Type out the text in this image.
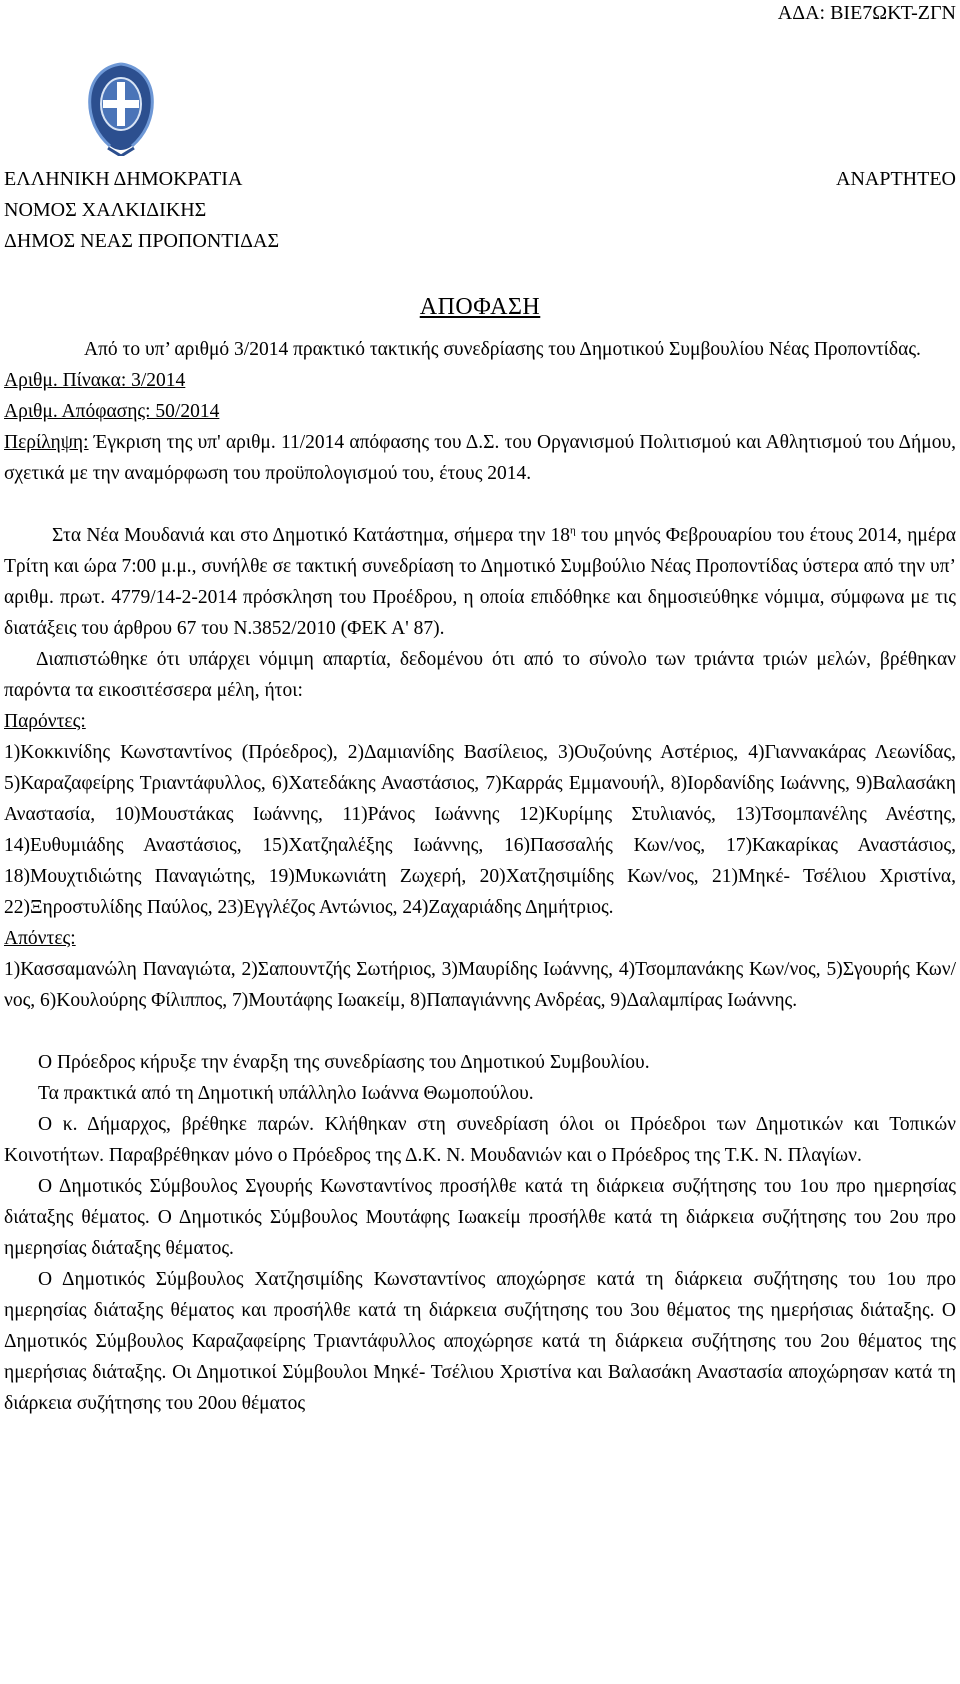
ΑΔΑ: ΒΙΕ7ΩΚΤ-ΖΓΝ
ΕΛΛΗΝΙΚΗ ΔΗΜΟΚΡΑΤΙΑ
ΝΟΜΟΣ ΧΑΛΚΙΔΙΚΗΣ
ΔΗΜΟΣ ΝΕΑΣ ΠΡΟΠΟΝΤΙΔΑΣ
ΑΝΑΡΤΗΤΕΟ
ΑΠΟΦΑΣΗ

Από το υπ’ αριθμό 3/2014 πρακτικό τακτικής συνεδρίασης του Δημοτικού Συμβουλίου Νέας Προποντίδας.

Αριθμ. Πίνακα: 3/2014

Αριθμ. Απόφασης: 50/2014

Περίληψη: Έγκριση της υπ' αριθμ. 11/2014 απόφασης του Δ.Σ. του Οργανισμού Πολιτισμού και Αθλητισμού του Δήμου, σχετικά με την αναμόρφωση του προϋπολογισμού του, έτους 2014.

Στα Νέα Μουδανιά και στο Δημοτικό Κατάστημα, σήμερα την $18^\eta$ του μηνός Φεβρουαρίου του έτους 2014, ημέρα Τρίτη και ώρα 7:00 μ.μ., συνήλθε σε τακτική συνεδρίαση το Δημοτικό Συμβούλιο Νέας Προποντίδας ύστερα από την υπ’ αριθμ. πρωτ. 4779/14-2-2014 πρόσκληση του Προέδρου, η οποία επιδόθηκε και δημοσιεύθηκε νόμιμα, σύμφωνα με τις διατάξεις του άρθρου 67 του Ν.3852/2010 (ΦΕΚ Α' 87).

Διαπιστώθηκε ότι υπάρχει νόμιμη απαρτία, δεδομένου ότι από το σύνολο των τριάντα τριών μελών, βρέθηκαν παρόντα τα εικοσιτέσσερα μέλη, ήτοι:

Παρόντες:

1)Κοκκινίδης Κωνσταντίνος (Πρόεδρος), 2)Δαμιανίδης Βασίλειος, 3)Ουζούνης Αστέριος, 4)Γιαννακάρας Λεωνίδας, 5)Καραζαφείρης Τριαντάφυλλος, 6)Χατεδάκης Αναστάσιος, 7)Καρράς Εμμανουήλ, 8)Ιορδανίδης Ιωάννης, 9)Βαλασάκη Αναστασία, 10)Μουστάκας Ιωάννης, 11)Ράνος Ιωάννης 12)Κυρίμης Στυλιανός, 13)Τσομπανέλης Ανέστης, 14)Ευθυμιάδης Αναστάσιος, 15)Χατζηαλέξης Ιωάννης, 16)Πασσαλής Κων/νος, 17)Κακαρίκας Αναστάσιος, 18)Μουχτιδιώτης Παναγιώτης, 19)Μυκωνιάτη Ζωχερή, 20)Χατζησιμίδης Κων/νος, 21)Μηκέ- Τσέλιου Χριστίνα, 22)Ξηροστυλίδης Παύλος, 23)Εγγλέζος Αντώνιος, 24)Ζαχαριάδης Δημήτριος.

Απόντες:

1)Κασσαμανώλη Παναγιώτα, 2)Σαπουντζής Σωτήριος, 3)Μαυρίδης Ιωάννης, 4)Τσομπανάκης Κων/νος, 5)Σγουρής Κων/νος, 6)Κουλούρης Φίλιππος, 7)Μουτάφης Ιωακείμ, 8)Παπαγιάννης Ανδρέας, 9)Δαλαμπίρας Ιωάννης.

Ο Πρόεδρος κήρυξε την έναρξη της συνεδρίασης του Δημοτικού Συμβουλίου.

Τα πρακτικά από τη Δημοτική υπάλληλο Ιωάννα Θωμοπούλου.

Ο κ. Δήμαρχος, βρέθηκε παρών. Κλήθηκαν στη συνεδρίαση όλοι οι Πρόεδροι των Δημοτικών και Τοπικών Κοινοτήτων. Παραβρέθηκαν μόνο ο Πρόεδρος της Δ.Κ. Ν. Μουδανιών και ο Πρόεδρος της Τ.Κ. Ν. Πλαγίων.

Ο Δημοτικός Σύμβουλος Σγουρής Κωνσταντίνος προσήλθε κατά τη διάρκεια συζήτησης του 1ου προ ημερησίας διάταξης θέματος. Ο Δημοτικός Σύμβουλος Μουτάφης Ιωακείμ προσήλθε κατά τη διάρκεια συζήτησης του 2ου προ ημερησίας διάταξης θέματος.

Ο Δημοτικός Σύμβουλος Χατζησιμίδης Κωνσταντίνος αποχώρησε κατά τη διάρκεια συζήτησης του 1ου προ ημερησίας διάταξης θέματος και προσήλθε κατά τη διάρκεια συζήτησης του 3ου θέματος της ημερήσιας διάταξης. Ο Δημοτικός Σύμβουλος Καραζαφείρης Τριαντάφυλλος αποχώρησε κατά τη διάρκεια συζήτησης του 2ου θέματος της ημερήσιας διάταξης. Οι Δημοτικοί Σύμβουλοι Μηκέ- Τσέλιου Χριστίνα και Βαλασάκη Αναστασία αποχώρησαν κατά τη διάρκεια συζήτησης του 20ου θέματος
